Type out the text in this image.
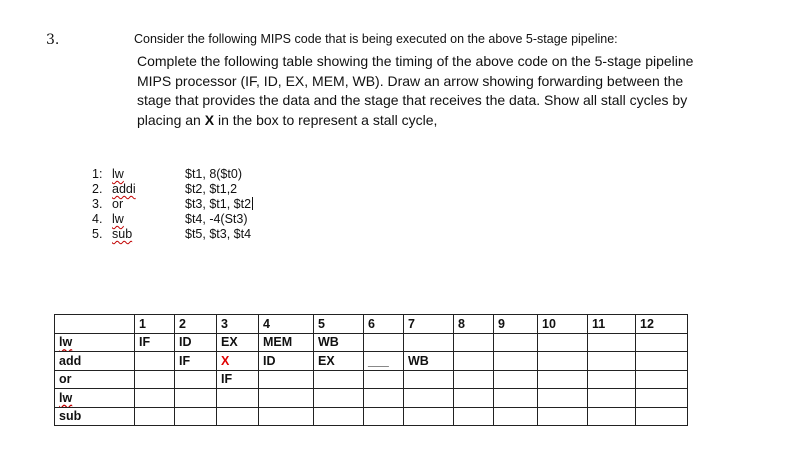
3.	Consider the following MIPS code that is being executed on the above 5-stage pipeline:
Complete the following table showing the timing of the above code on the 5-stage pipeline MIPS processor (IF, ID, EX, MEM, WB). Draw an arrow showing forwarding between the stage that provides the data and the stage that receives the data. Show all stall cycles by placing an X in the box to represent a stall cycle,
1: lw	$t1, 8($t0)
2. addi	$t2, $t1,2
3. or	$t3, $t1, $t2
4. lw	$t4, -4(St3)
5. sub	$t5, $t3, $t4
	1	2	3	4	5	6	7	8	9	10	11	12
lw	IF	ID	EX	MEM	WB							
add		IF	X	ID	EX	___	WB					
or			IF									
lw												
sub												
